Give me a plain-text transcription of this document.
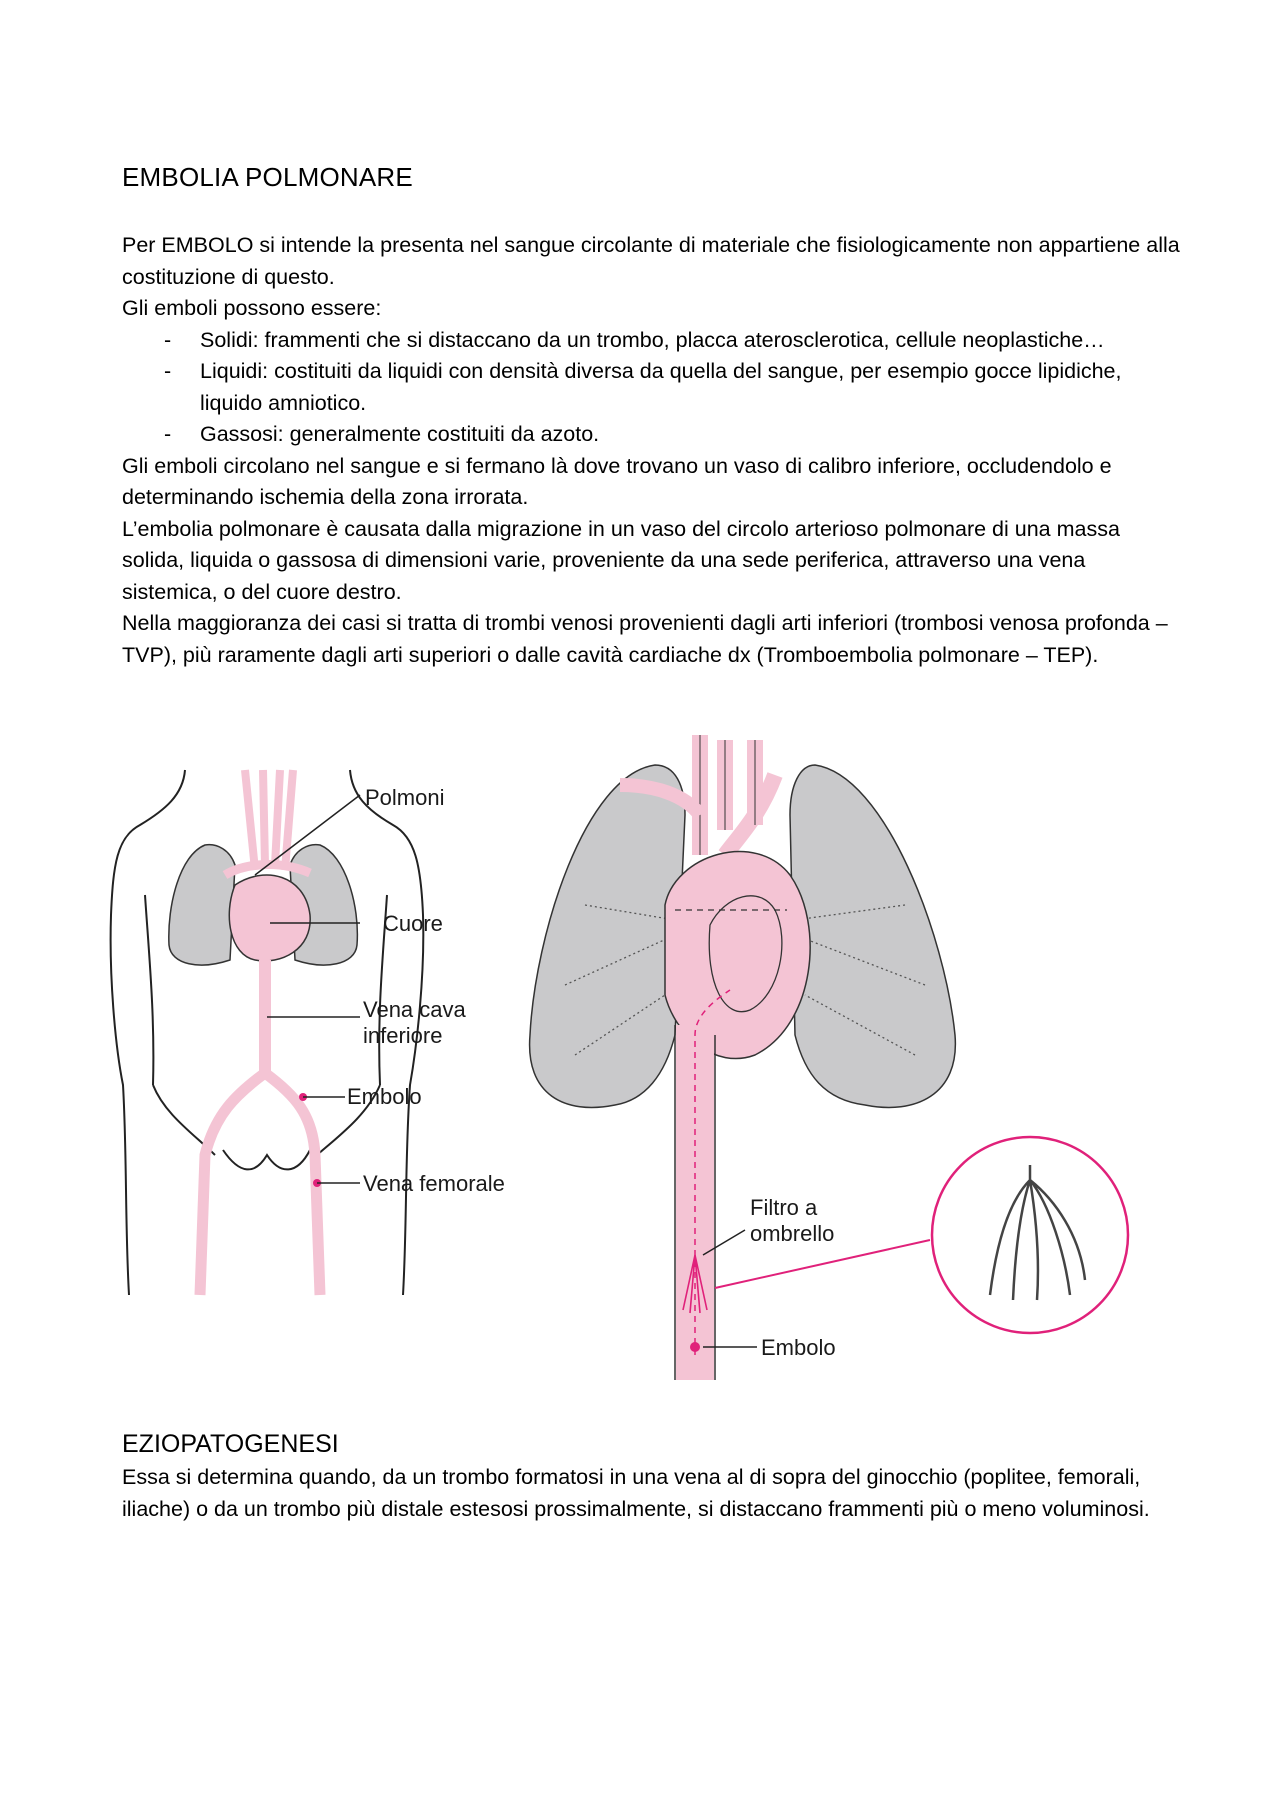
EMBOLIA POLMONARE

Per EMBOLO si intende la presenta nel sangue circolante di materiale che fisiologicamente non appartiene alla costituzione di questo.

Gli emboli possono essere:

- Solidi: frammenti che si distaccano da un trombo, placca aterosclerotica, cellule neoplastiche…
- Liquidi: costituiti da liquidi con densità diversa da quella del sangue, per esempio gocce lipidiche, liquido amniotico.
- Gassosi: generalmente costituiti da azoto.

Gli emboli circolano nel sangue e si fermano là dove trovano un vaso di calibro inferiore, occludendolo e determinando ischemia della zona irrorata.

L’embolia polmonare è causata dalla migrazione in un vaso del circolo arterioso polmonare di una massa solida, liquida o gassosa di dimensioni varie, proveniente da una sede periferica, attraverso una vena sistemica, o del cuore destro.

Nella maggioranza dei casi si tratta di trombi venosi provenienti dagli arti inferiori (trombosi venosa profonda – TVP), più raramente dagli arti superiori o dalle cavità cardiache dx (Tromboembolia polmonare – TEP).

Polmoni
Cuore
Vena cava
inferiore
Embolo
Vena femorale
Filtro a
ombrello
Embolo
EZIOPATOGENESI
Essa si determina quando, da un trombo formatosi in una vena al di sopra del ginocchio (poplitee, femorali, iliache) o da un trombo più distale estesosi prossimalmente, si distaccano frammenti più o meno voluminosi.
